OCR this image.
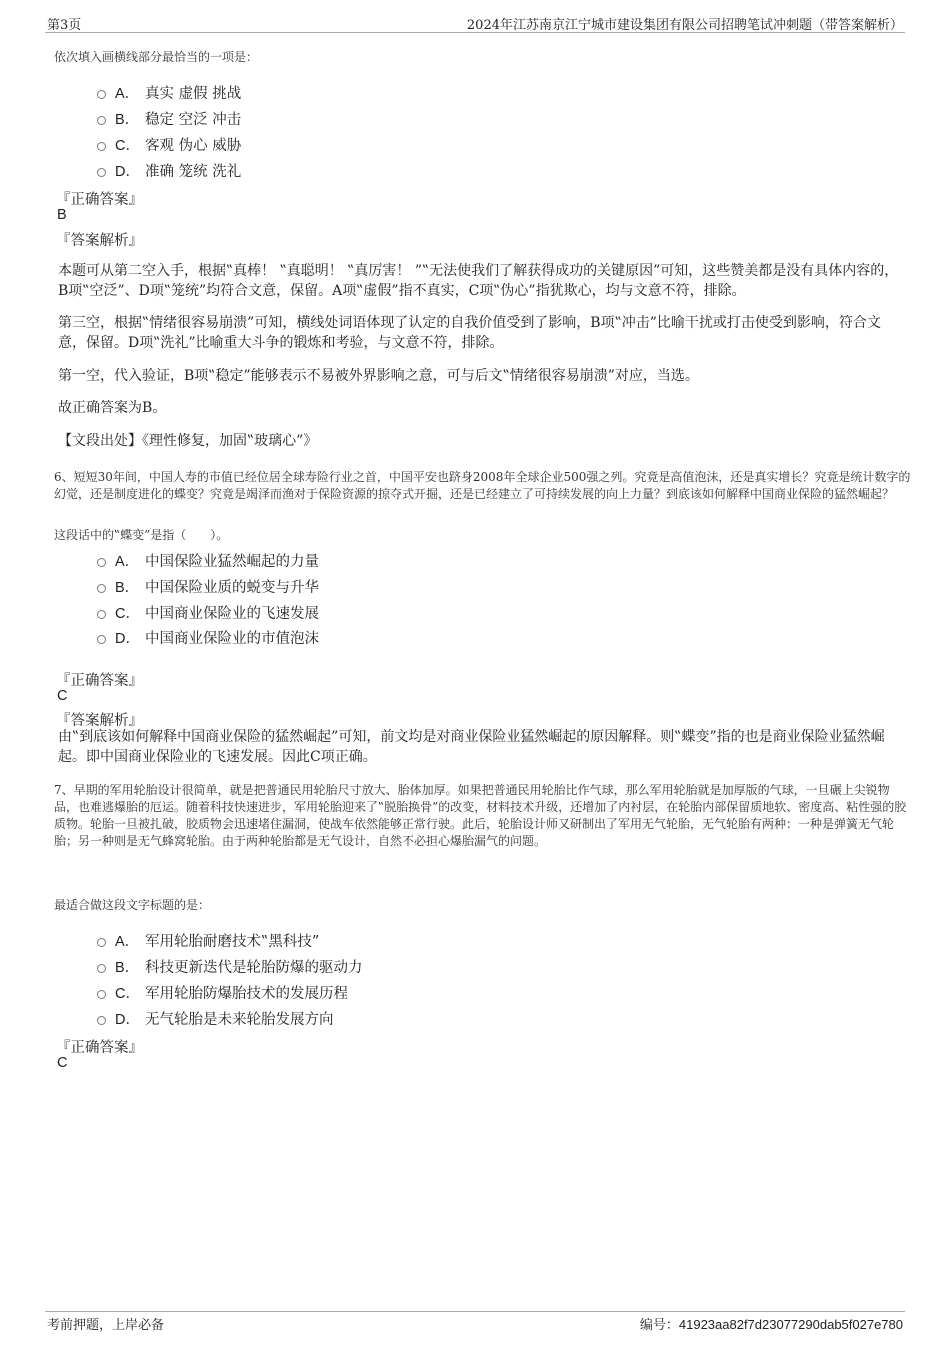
第3页	2024年江苏南京江宁城市建设集团有限公司招聘笔试冲刺题（带答案解析）
依次填入画横线部分最恰当的一项是：
A． 真实 虚假 挑战
B． 稳定 空泛 冲击
C． 客观 伪心 威胁
D． 准确 笼统 洗礼
『正确答案』
B
『答案解析』
本题可从第二空入手，根据‟真棒！ ‟真聪明！ ‟真厉害！ ”‟无法使我们了解获得成功的关键原因”可知，这些赞美都是没有具体内容的，B项‟空泛”、D项‟笼统”均符合文意，保留。A项‟虚假”指不真实，C项‟伪心”指犹欺心，均与文意不符，排除。
第三空，根据‟情绪很容易崩溃”可知，横线处词语体现了认定的自我价值受到了影响，B项‟冲击”比喻干扰或打击使受到影响，符合文意，保留。D项‟洗礼”比喻重大斗争的锻炼和考验，与文意不符，排除。
第一空，代入验证，B项‟稳定”能够表示不易被外界影响之意，可与后文‟情绪很容易崩溃”对应，当选。
故正确答案为B。
【文段出处】《理性修复，加固‟玻璃心”》
6、短短30年间，中国人寿的市值已经位居全球寿险行业之首，中国平安也跻身2008年全球企业500强之列。究竟是高值泡沫，还是真实增长？究竟是统计数字的幻觉，还是制度进化的蝶变？究竟是竭泽而渔对于保险资源的掠夺式开掘，还是已经建立了可持续发展的向上力量？到底该如何解释中国商业保险的猛然崛起？
这段话中的‟蝶变”是指（　　）。
A． 中国保险业猛然崛起的力量
B． 中国保险业质的蜕变与升华
C． 中国商业保险业的飞速发展
D． 中国商业保险业的市值泡沫
『正确答案』
C
『答案解析』
由‟到底该如何解释中国商业保险的猛然崛起”可知，前文均是对商业保险业猛然崛起的原因解释。则‟蝶变”指的也是商业保险业猛然崛起。即中国商业保险业的飞速发展。因此C项正确。
7、早期的军用轮胎设计很简单，就是把普通民用轮胎尺寸放大、胎体加厚。如果把普通民用轮胎比作气球，那么军用轮胎就是加厚版的气球，一旦碾上尖锐物品，也难逃爆胎的厄运。随着科技快速进步，军用轮胎迎来了‟脱胎换骨”的改变，材料技术升级，还增加了内衬层，在轮胎内部保留质地软、密度高、粘性强的胶质物。轮胎一旦被扎破，胶质物会迅速堵住漏洞，使战车依然能够正常行驶。此后，轮胎设计师又研制出了军用无气轮胎，无气轮胎有两种：一种是弹簧无气轮胎；另一种则是无气蜂窝轮胎。由于两种轮胎都是无气设计，自然不必担心爆胎漏气的问题。
最适合做这段文字标题的是：
A． 军用轮胎耐磨技术‟黑科技”
B． 科技更新迭代是轮胎防爆的驱动力
C． 军用轮胎防爆胎技术的发展历程
D． 无气轮胎是未来轮胎发展方向
『正确答案』
C
考前押题，上岸必备	编号：41923aa82f7d23077290dab5f027e780
